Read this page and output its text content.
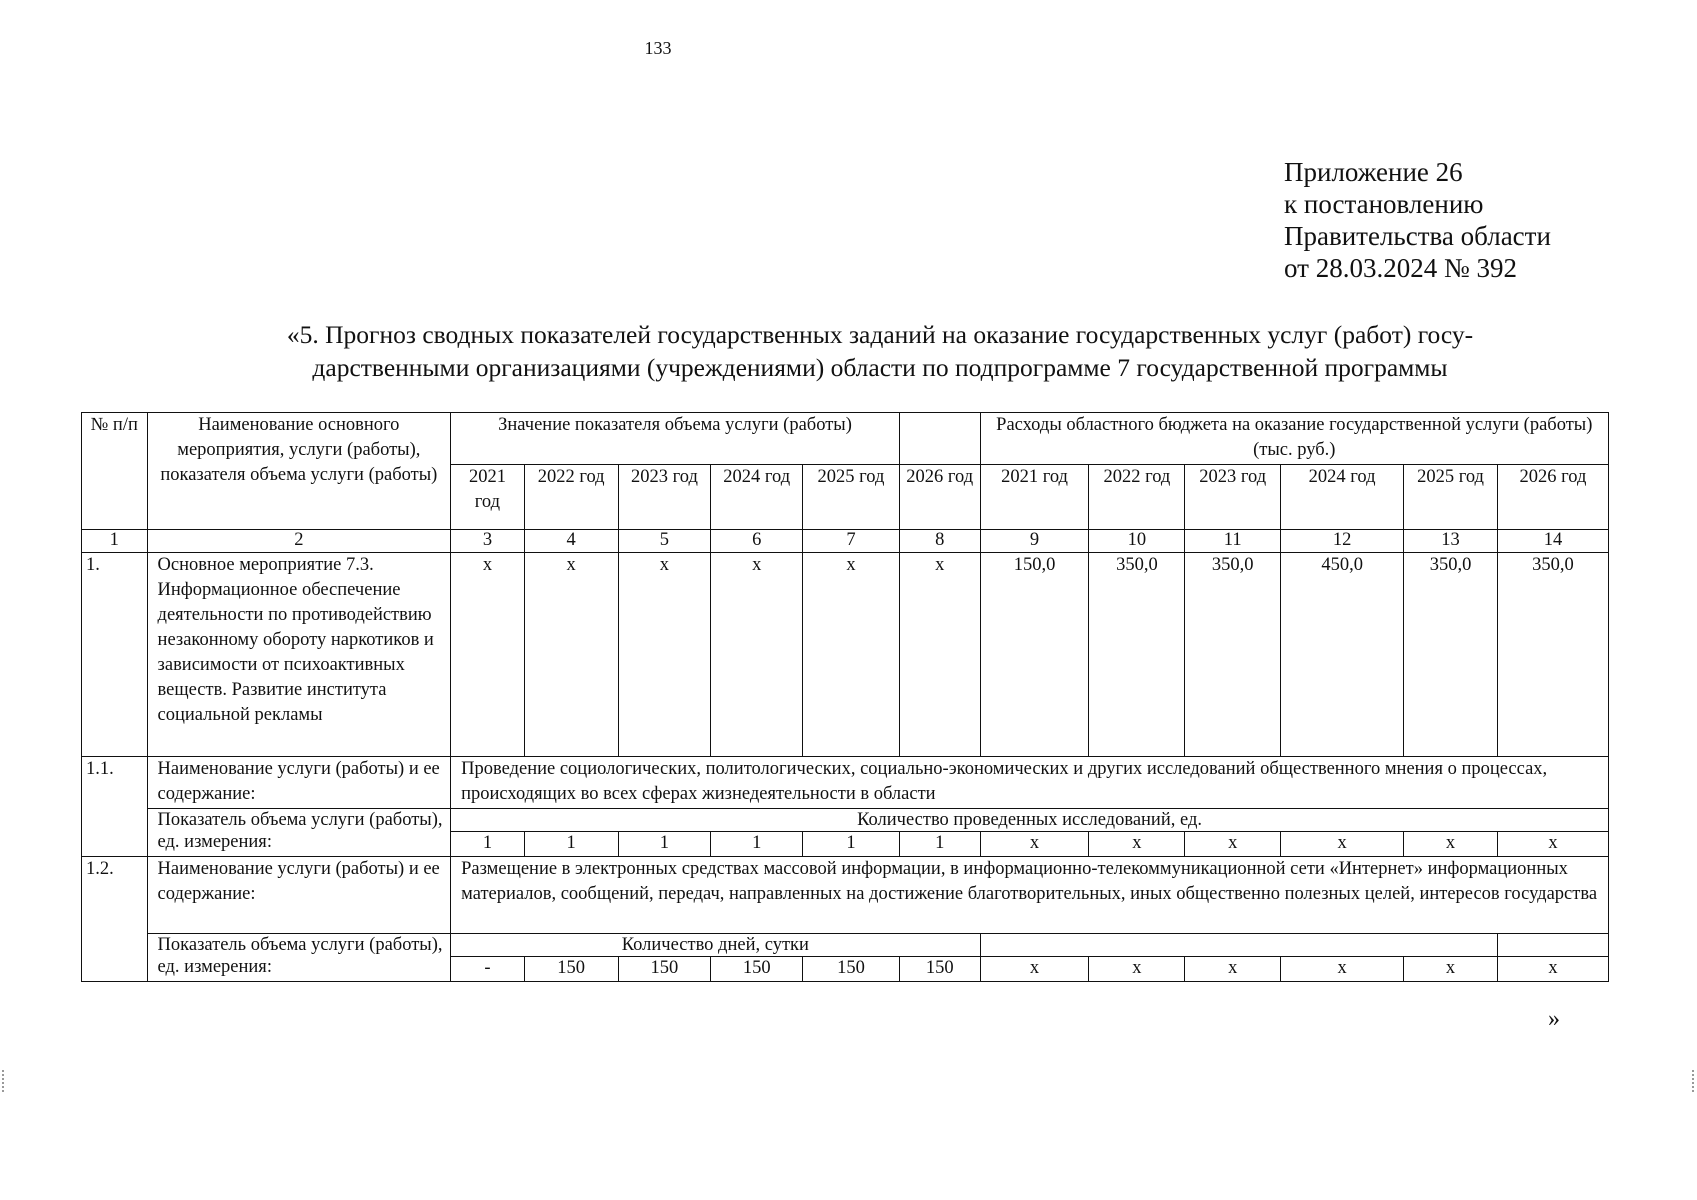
133
Приложение 26
к постановлению
Правительства области
от 28.03.2024 № 392
«5. Прогноз сводных показателей государственных заданий на оказание государственных услуг (работ) госу-
дарственными организациями (учреждениями) области по подпрограмме 7 государственной программы
№ п/п	Наименование основного мероприятия, услуги (работы), показателя объема услуги (работы)	Значение показателя объема услуги (работы)						Расходы областного бюджета на оказание государственной услуги (работы) (тыс. руб.)					
		2021 год	2022 год	2023 год	2024 год	2025 год	2026 год	2021 год	2022 год	2023 год	2024 год	2025 год	2026 год
1	2	3	4	5	6	7	8	9	10	11	12	13	14
1.	Основное мероприятие 7.3. Информационное обеспечение деятельности по противодействию незаконному обороту наркотиков и зависимости от психоактивных веществ. Развитие института социальной рекламы	х	х	х	х	х	х	150,0	350,0	350,0	450,0	350,0	350,0
1.1.	Наименование услуги (работы) и ее содержание:	Проведение социологических, политологических, социально-экономических и других исследований общественного мнения о процессах, происходящих во всех сферах жизнедеятельности в области											
	Показатель объема услуги (работы), ед. измерения:	Количество проведенных исследований, ед.											
		1	1	1	1	1	1	х	х	х	х	х	х
1.2.	Наименование услуги (работы) и ее содержание:	Размещение в электронных средствах массовой информации, в информационно-телекоммуникационной сети «Интернет» информационных материалов, сообщений, передач, направленных на достижение благотворительных, иных общественно полезных целей, интересов государства											
	Показатель объема услуги (работы), ед. измерения:	Количество дней, сутки											
		-	150	150	150	150	150	х	х	х	х	х	х
»
